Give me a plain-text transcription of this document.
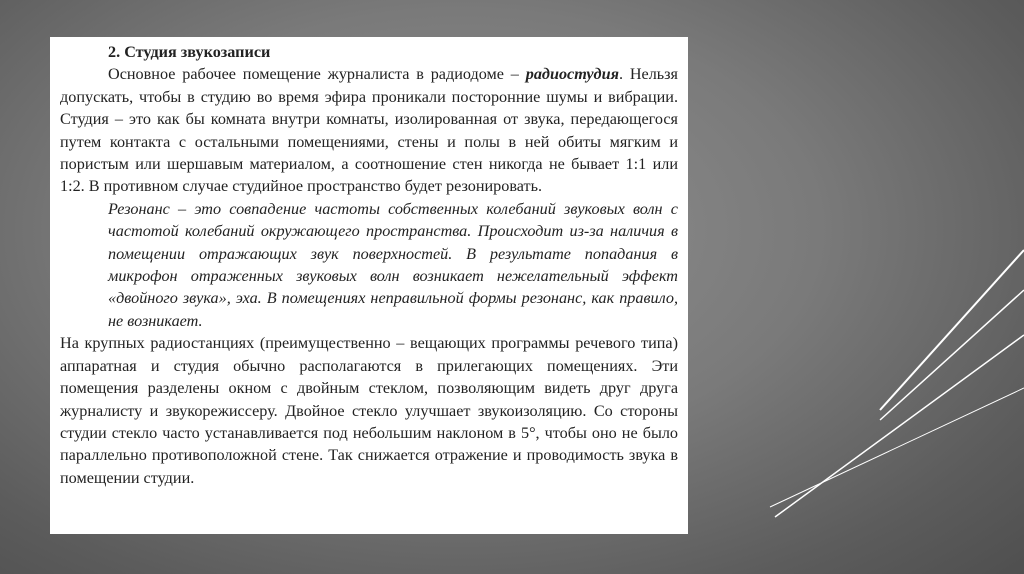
2. Студия звукозаписи

Основное рабочее помещение журналиста в радиодоме – радиостудия. Нельзя допускать, чтобы в студию во время эфира проникали посторонние шумы и вибрации. Студия – это как бы комната внутри комнаты, изолированная от звука, передающегося путем контакта с остальными помещениями, стены и полы в ней обиты мягким и пористым или шершавым материалом, а соотношение стен никогда не бывает 1:1 или 1:2. В противном случае студийное пространство будет резонировать.

Резонанс – это совпадение частоты собственных колебаний звуковых волн с частотой колебаний окружающего пространства. Происходит из-за наличия в помещении отражающих звук поверхностей. В результате попадания в микрофон отраженных звуковых волн возникает нежелательный эффект «двойного звука», эха. В помещениях неправильной формы резонанс, как правило, не возникает.

На крупных радиостанциях (преимущественно – вещающих программы речевого типа) аппаратная и студия обычно располагаются в прилегающих помещениях. Эти помещения разделены окном с двойным стеклом, позволяющим видеть друг друга журналисту и звукорежиссеру. Двойное стекло улучшает звукоизоляцию. Со стороны студии стекло часто устанавливается под небольшим наклоном в 5°, чтобы оно не было параллельно противоположной стене. Так снижается отражение и проводимость звука в помещении студии.
